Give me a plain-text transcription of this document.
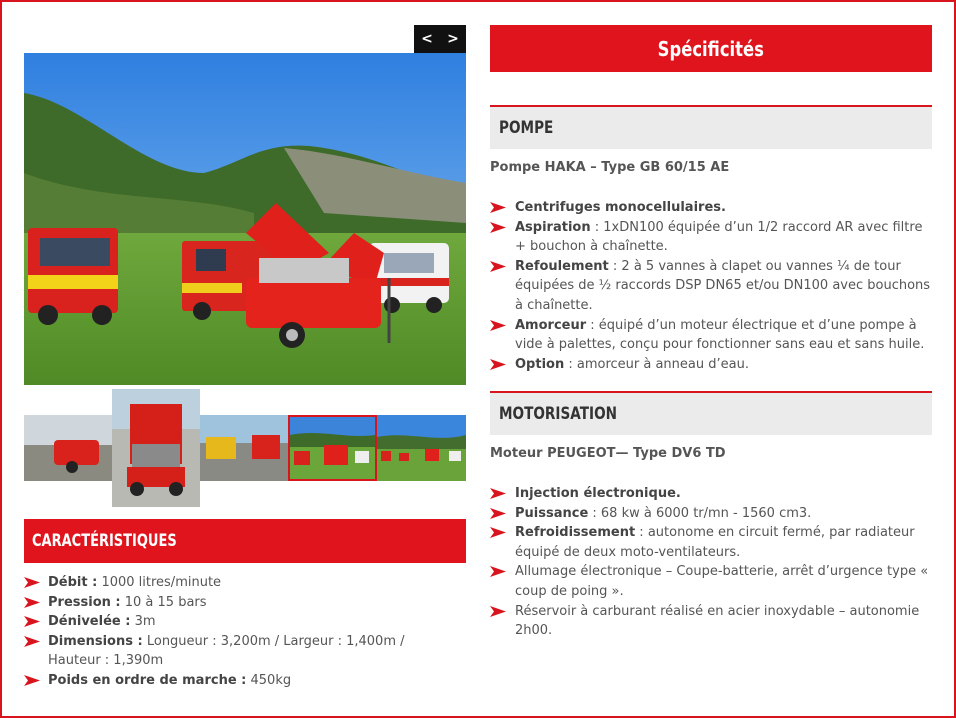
< >
CARACTÉRISTIQUES
Débit : 1000 litres/minute
Pression : 10 à 15 bars
Dénivelée : 3m
Dimensions : Longueur : 3,200m / Largeur : 1,400m / Hauteur : 1,390m
Poids en ordre de marche : 450kg
Spécificités
POMPE
Pompe HAKA – Type GB 60/15 AE
Centrifuges monocellulaires.
Aspiration : 1xDN100 équipée d’un 1/2 raccord AR avec filtre + bouchon à chaînette.
Refoulement : 2 à 5 vannes à clapet ou vannes ¼ de tour équipées de ½ raccords DSP DN65 et/ou DN100 avec bouchons à chaînette.
Amorceur : équipé d’un moteur électrique et d’une pompe à vide à palettes, conçu pour fonctionner sans eau et sans huile.
Option : amorceur à anneau d’eau.
MOTORISATION
Moteur PEUGEOT— Type DV6 TD
Injection électronique.
Puissance : 68 kw à 6000 tr/mn - 1560 cm3.
Refroidissement : autonome en circuit fermé, par radiateur équipé de deux moto-ventilateurs.
Allumage électronique – Coupe-batterie, arrêt d’urgence type « coup de poing ».
Réservoir à carburant réalisé en acier inoxydable – autonomie 2h00.
